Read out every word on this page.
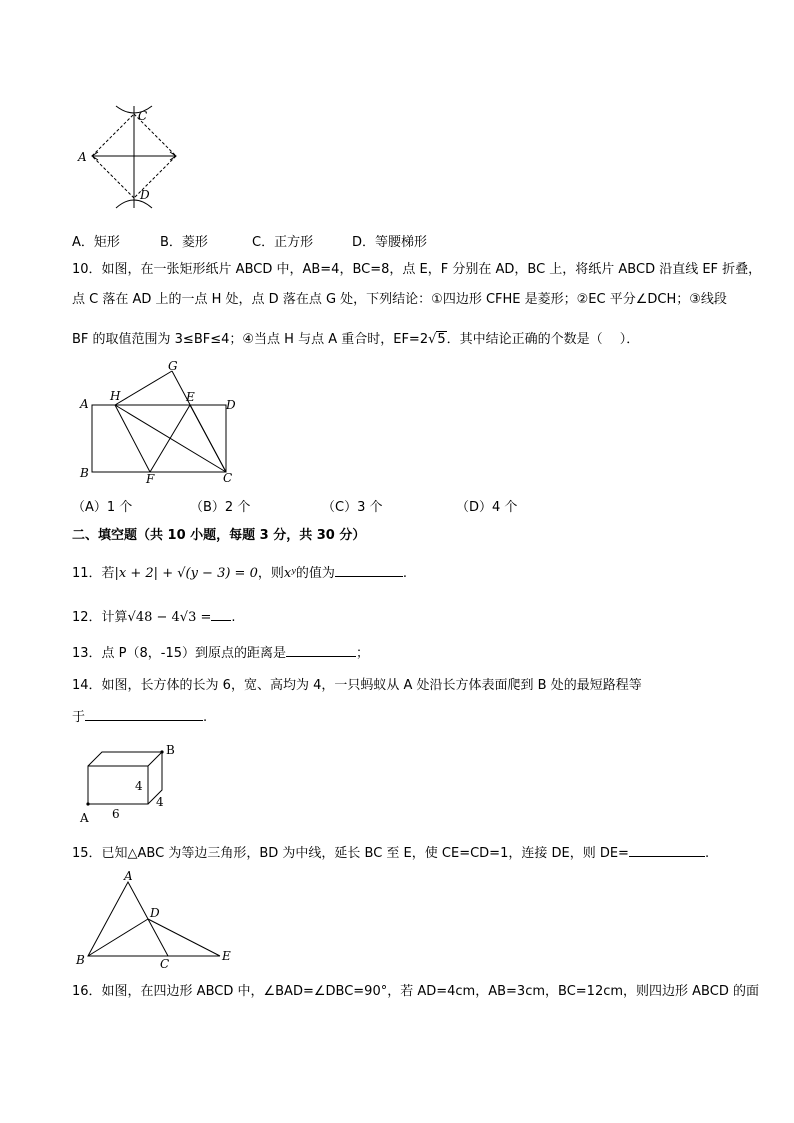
C
A
D
A．矩形	B．菱形	C．正方形	D．等腰梯形
10．如图，在一张矩形纸片 ABCD 中，AB=4，BC=8，点 E，F 分别在 AD，BC 上，将纸片 ABCD 沿直线 EF 折叠，
点 C 落在 AD 上的一点 H 处，点 D 落在点 G 处，下列结论：①四边形 CFHE 是菱形；②EC 平分∠DCH；③线段
BF 的取值范围为 3≤BF≤4；④当点 H 与点 A 重合时，EF=2√5．其中结论正确的个数是（　 ）．
A
H
G
E
D
B	F	C
（A）1 个	（B）2 个	（C）3 个	（D）4 个
二、填空题（共 10 小题，每题 3 分，共 30 分）
11．若|x + 2| + √(y − 3) = 0，则xʸ的值为	.
12．计算√48 − 4√3 = .
13．点 P（8，-15）到原点的距离是	；
14．如图，长方体的长为 6，宽、高均为 4，一只蚂蚁从 A 处沿长方体表面爬到 B 处的最短路程等
于	.
B
A
4
4
6
15．已知△ABC 为等边三角形，BD 为中线，延长 BC 至 E，使 CE=CD=1，连接 DE，则 DE=	.
A
D
B	C
E
16．如图，在四边形 ABCD 中，∠BAD=∠DBC=90°，若 AD=4cm，AB=3cm，BC=12cm，则四边形 ABCD 的面
